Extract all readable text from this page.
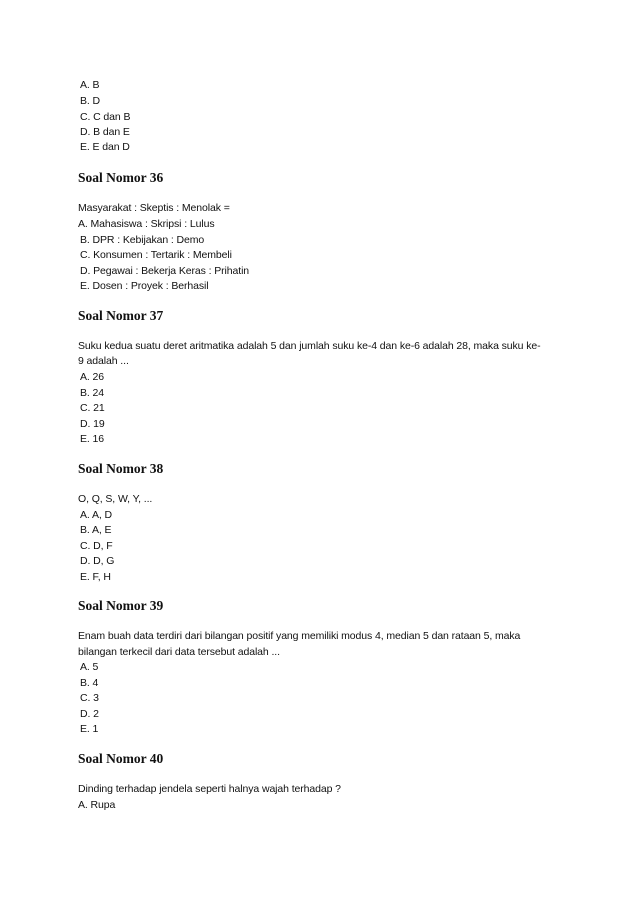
A. B
B. D
C. C dan B
D. B dan E
E. E dan D
Soal Nomor 36
Masyarakat : Skeptis : Menolak =
A. Mahasiswa : Skripsi : Lulus
B. DPR : Kebijakan : Demo
C. Konsumen : Tertarik : Membeli
D. Pegawai : Bekerja Keras : Prihatin
E. Dosen : Proyek : Berhasil
Soal Nomor 37
Suku kedua suatu deret aritmatika adalah 5 dan jumlah suku ke-4 dan ke-6 adalah 28, maka suku ke-
9 adalah ...
A. 26
B. 24
C. 21
D. 19
E. 16
Soal Nomor 38
O, Q, S, W, Y, ...
A. A, D
B. A, E
C. D, F
D. D, G
E. F, H
Soal Nomor 39
Enam buah data terdiri dari bilangan positif yang memiliki modus 4, median 5 dan rataan 5, maka
bilangan terkecil dari data tersebut adalah ...
A. 5
B. 4
C. 3
D. 2
E. 1
Soal Nomor 40
Dinding terhadap jendela seperti halnya wajah terhadap ?
A. Rupa
